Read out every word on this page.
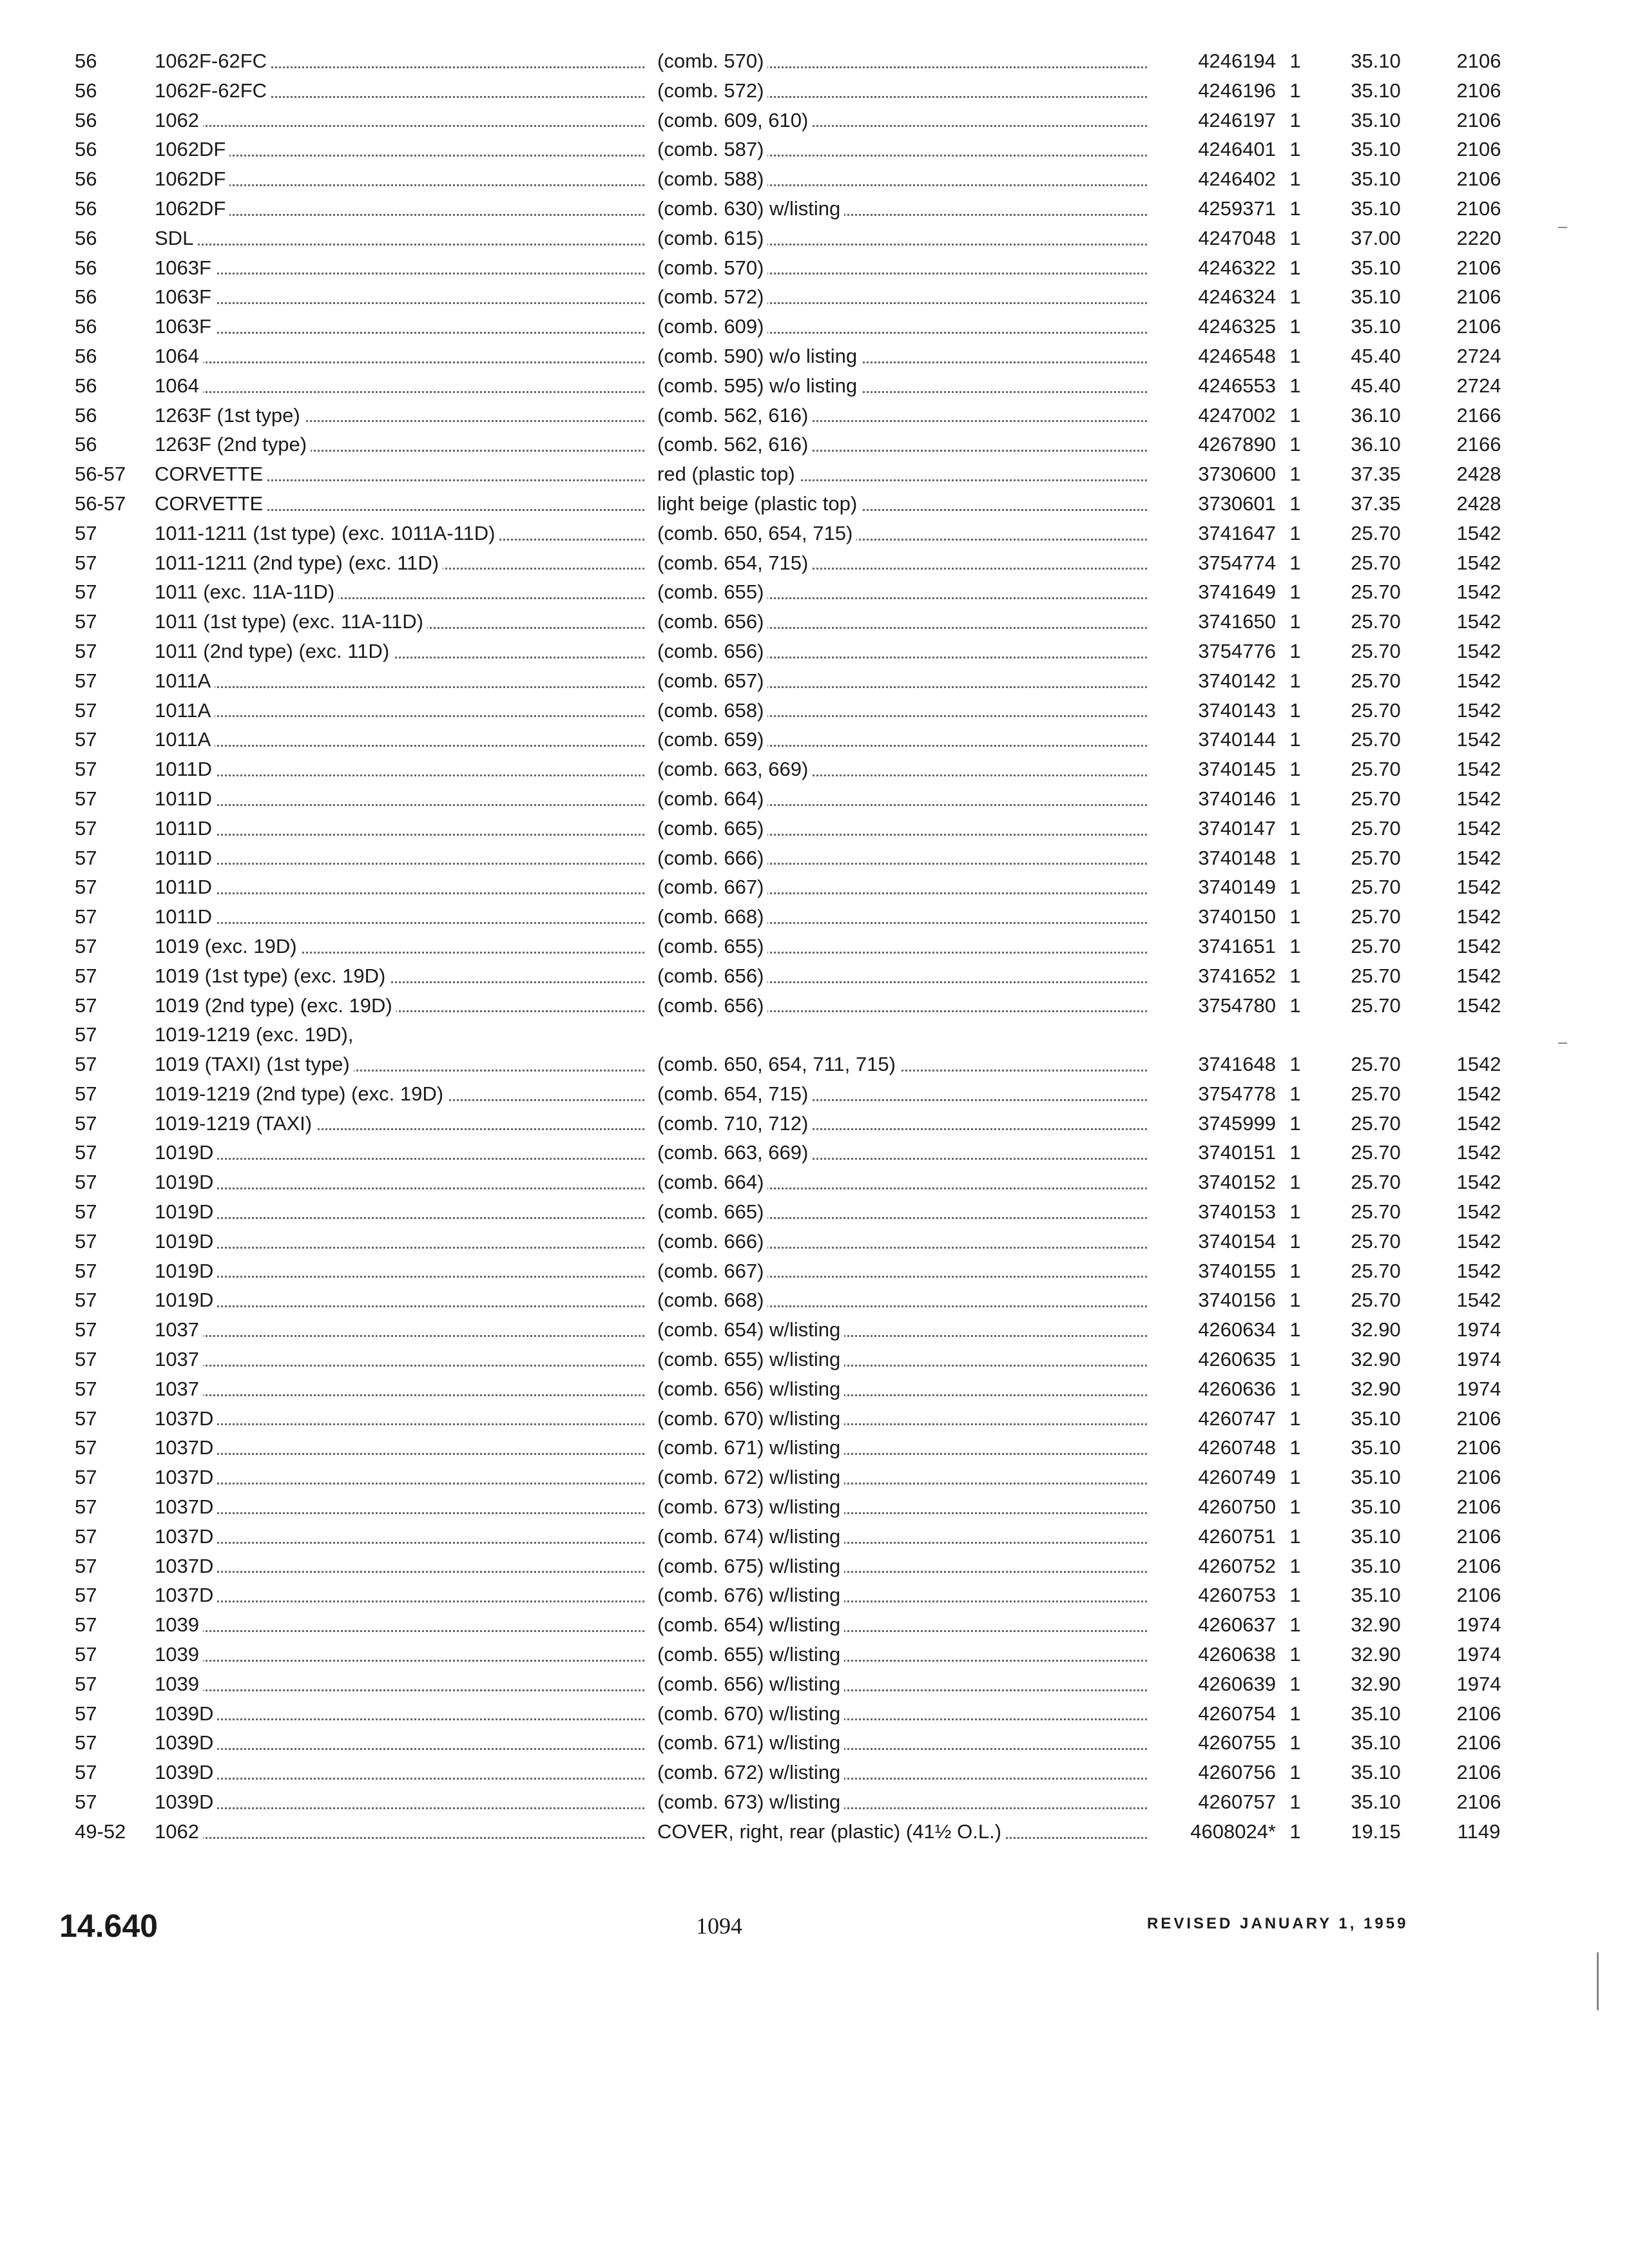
56	1062F-62FC	(comb. 570)	4246194 1	35.10	2106
56	1062F-62FC	(comb. 572)	4246196 1	35.10	2106
56	1062	(comb. 609, 610)	4246197 1	35.10	2106
56	1062DF	(comb. 587)	4246401 1	35.10	2106
56	1062DF	(comb. 588)	4246402 1	35.10	2106
56	1062DF	(comb. 630) w/listing	4259371 1	35.10	2106
56	SDL	(comb. 615)	4247048 1	37.00	2220
56	1063F	(comb. 570)	4246322 1	35.10	2106
56	1063F	(comb. 572)	4246324 1	35.10	2106
56	1063F	(comb. 609)	4246325 1	35.10	2106
56	1064	(comb. 590) w/o listing	4246548 1	45.40	2724
56	1064	(comb. 595) w/o listing	4246553 1	45.40	2724
56	1263F (1st type)	(comb. 562, 616)	4247002 1	36.10	2166
56	1263F (2nd type)	(comb. 562, 616)	4267890 1	36.10	2166
56-57	CORVETTE	red (plastic top)	3730600 1	37.35	2428
56-57	CORVETTE	light beige (plastic top)	3730601 1	37.35	2428
57	1011-1211 (1st type) (exc. 1011A-11D)	(comb. 650, 654, 715)	3741647 1	25.70	1542
57	1011-1211 (2nd type) (exc. 11D)	(comb. 654, 715)	3754774 1	25.70	1542
57	1011 (exc. 11A-11D)	(comb. 655)	3741649 1	25.70	1542
57	1011 (1st type) (exc. 11A-11D)	(comb. 656)	3741650 1	25.70	1542
57	1011 (2nd type) (exc. 11D)	(comb. 656)	3754776 1	25.70	1542
57	1011A	(comb. 657)	3740142 1	25.70	1542
57	1011A	(comb. 658)	3740143 1	25.70	1542
57	1011A	(comb. 659)	3740144 1	25.70	1542
57	1011D	(comb. 663, 669)	3740145 1	25.70	1542
57	1011D	(comb. 664)	3740146 1	25.70	1542
57	1011D	(comb. 665)	3740147 1	25.70	1542
57	1011D	(comb. 666)	3740148 1	25.70	1542
57	1011D	(comb. 667)	3740149 1	25.70	1542
57	1011D	(comb. 668)	3740150 1	25.70	1542
57	1019 (exc. 19D)	(comb. 655)	3741651 1	25.70	1542
57	1019 (1st type) (exc. 19D)	(comb. 656)	3741652 1	25.70	1542
57	1019 (2nd type) (exc. 19D)	(comb. 656)	3754780 1	25.70	1542
57	1019-1219 (exc. 19D),
57	1019 (TAXI) (1st type)	(comb. 650, 654, 711, 715)	3741648 1	25.70	1542
57	1019-1219 (2nd type) (exc. 19D)	(comb. 654, 715)	3754778 1	25.70	1542
57	1019-1219 (TAXI)	(comb. 710, 712)	3745999 1	25.70	1542
57	1019D	(comb. 663, 669)	3740151 1	25.70	1542
57	1019D	(comb. 664)	3740152 1	25.70	1542
57	1019D	(comb. 665)	3740153 1	25.70	1542
57	1019D	(comb. 666)	3740154 1	25.70	1542
57	1019D	(comb. 667)	3740155 1	25.70	1542
57	1019D	(comb. 668)	3740156 1	25.70	1542
57	1037	(comb. 654) w/listing	4260634 1	32.90	1974
57	1037	(comb. 655) w/listing	4260635 1	32.90	1974
57	1037	(comb. 656) w/listing	4260636 1	32.90	1974
57	1037D	(comb. 670) w/listing	4260747 1	35.10	2106
57	1037D	(comb. 671) w/listing	4260748 1	35.10	2106
57	1037D	(comb. 672) w/listing	4260749 1	35.10	2106
57	1037D	(comb. 673) w/listing	4260750 1	35.10	2106
57	1037D	(comb. 674) w/listing	4260751 1	35.10	2106
57	1037D	(comb. 675) w/listing	4260752 1	35.10	2106
57	1037D	(comb. 676) w/listing	4260753 1	35.10	2106
57	1039	(comb. 654) w/listing	4260637 1	32.90	1974
57	1039	(comb. 655) w/listing	4260638 1	32.90	1974
57	1039	(comb. 656) w/listing	4260639 1	32.90	1974
57	1039D	(comb. 670) w/listing	4260754 1	35.10	2106
57	1039D	(comb. 671) w/listing	4260755 1	35.10	2106
57	1039D	(comb. 672) w/listing	4260756 1	35.10	2106
57	1039D	(comb. 673) w/listing	4260757 1	35.10	2106
49-52	1062	COVER, right, rear (plastic) (41½ O.L.)	4608024* 1	19.15	1149
14.640	1094	REVISED JANUARY 1, 1959
